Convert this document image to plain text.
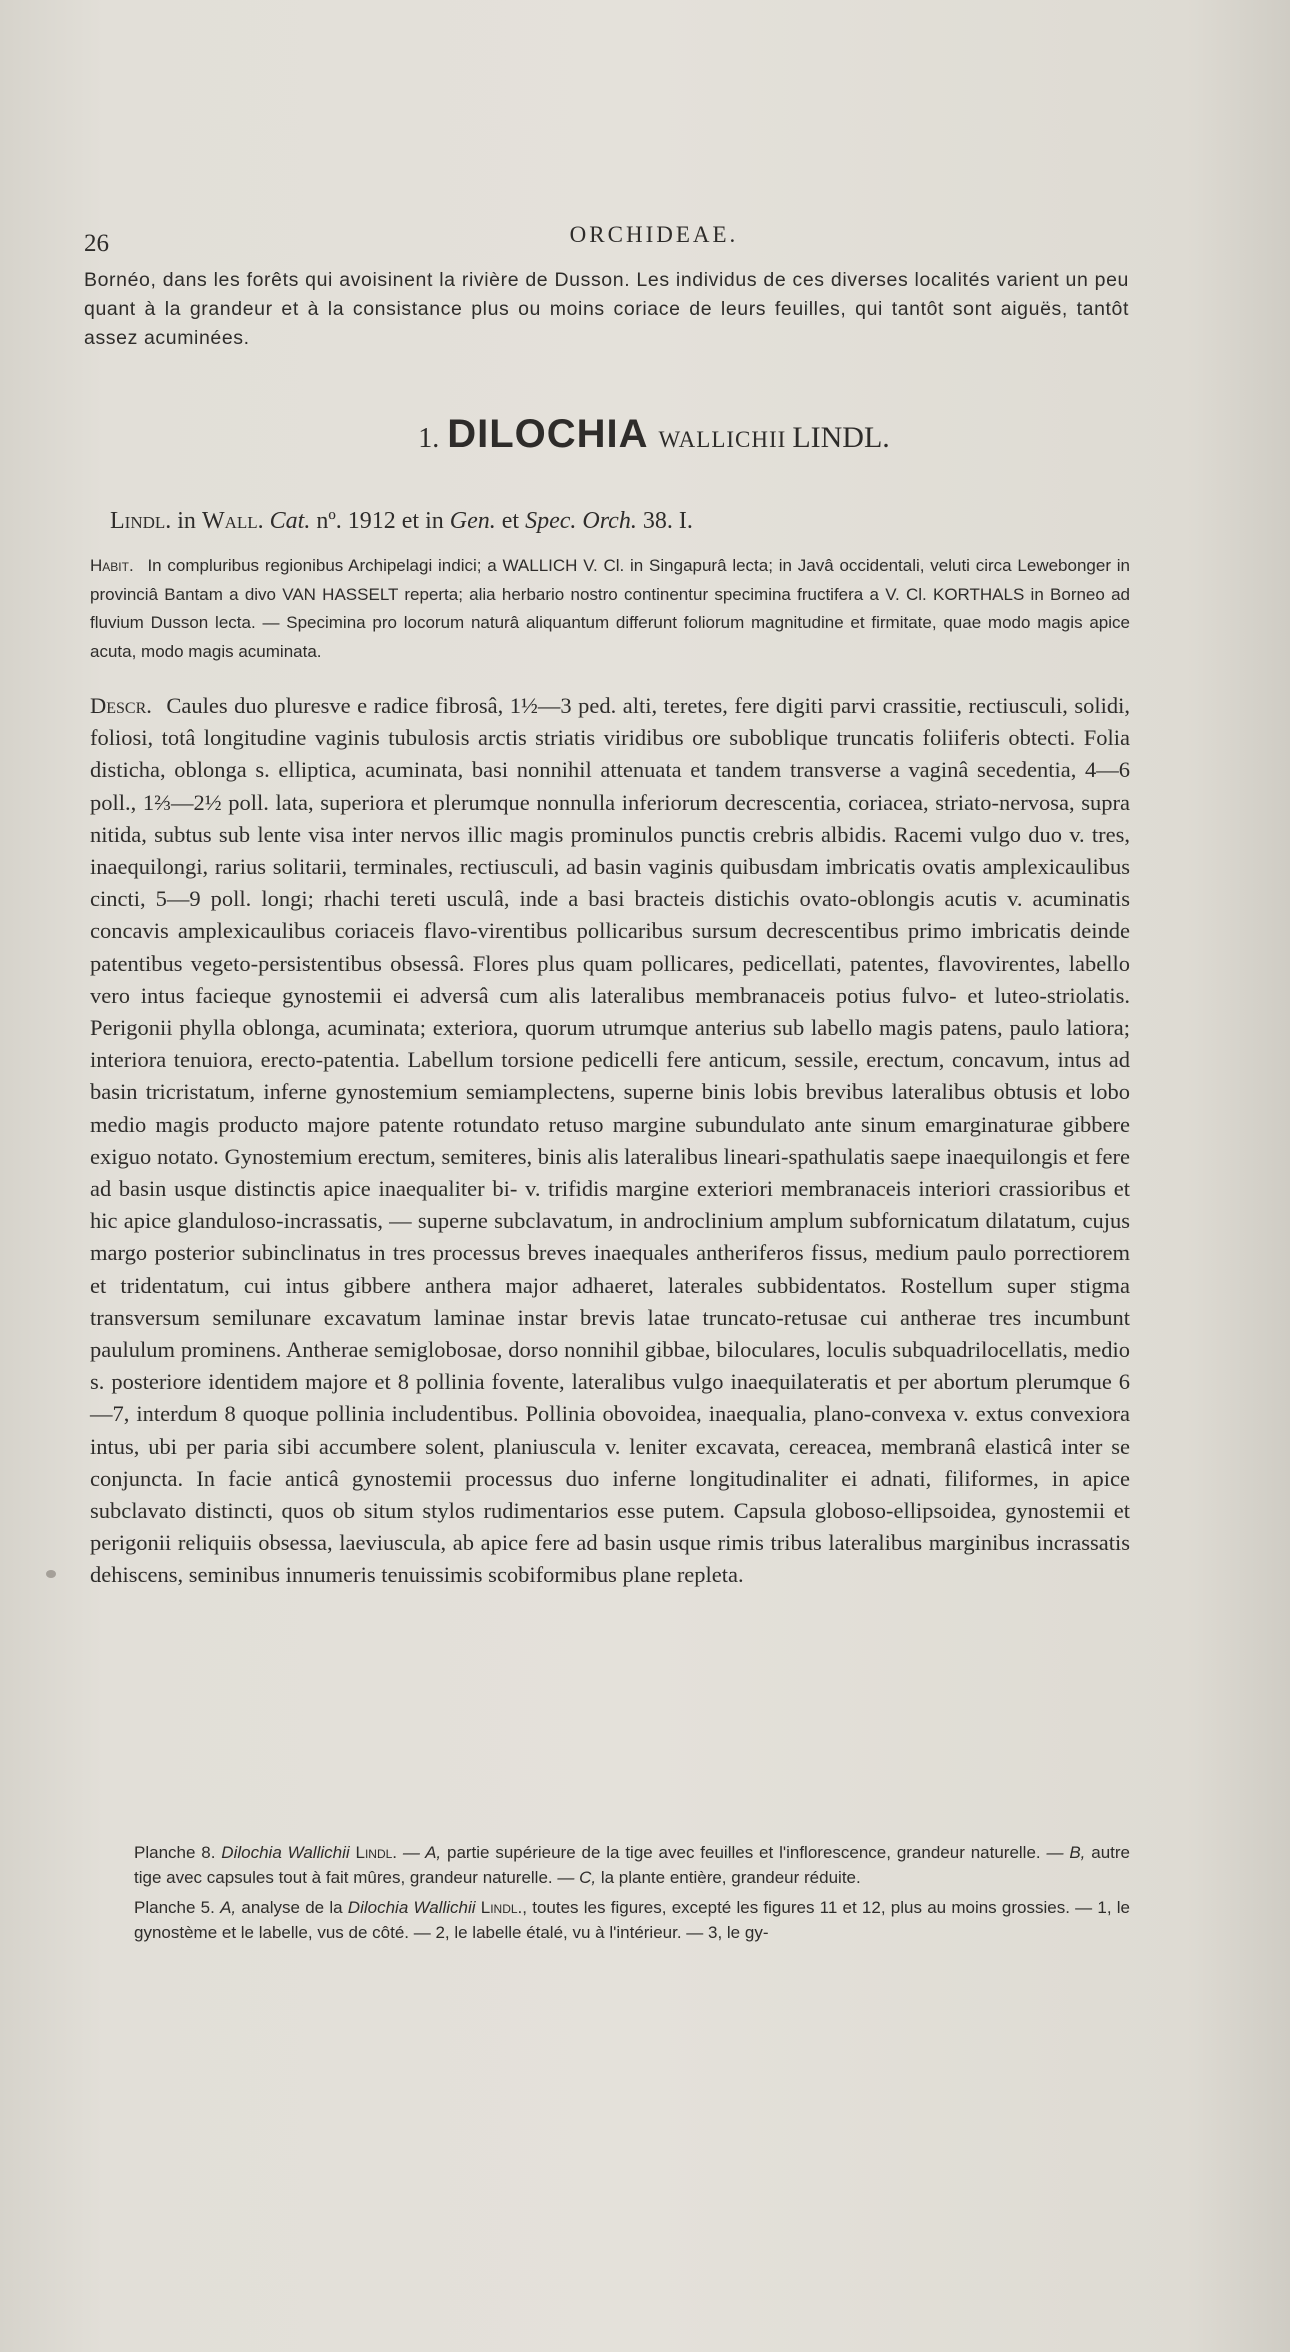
26	ORCHIDEAE.
Bornéo, dans les forêts qui avoisinent la rivière de Dusson. Les individus de ces diverses localités varient un peu quant à la grandeur et à la consistance plus ou moins coriace de leurs feuilles, qui tantôt sont aiguës, tantôt assez acuminées.
1. DILOCHIA WALLICHII LINDL.
Lindl. in Wall. Cat. nº. 1912 et in Gen. et Spec. Orch. 38. I.
Habit. In compluribus regionibus Archipelagi indici; a WALLICH V. Cl. in Singapurâ lecta; in Javâ occidentali, veluti circa Lewebonger in provinciâ Bantam a divo VAN HASSELT reperta; alia herbario nostro continentur specimina fructifera a V. Cl. KORTHALS in Borneo ad fluvium Dusson lecta. — Specimina pro locorum naturâ aliquantum differunt foliorum magnitudine et firmitate, quae modo magis apice acuta, modo magis acuminata.
Descr. Caules duo pluresve e radice fibrosâ, 1½—3 ped. alti, teretes, fere digiti parvi crassitie, rectiusculi, solidi, foliosi, totâ longitudine vaginis tubulosis arctis striatis viridibus ore suboblique truncatis foliiferis obtecti. Folia disticha, oblonga s. elliptica, acuminata, basi nonnihil attenuata et tandem transverse a vaginâ secedentia, 4—6 poll., 1⅔—2½ poll. lata, superiora et plerumque nonnulla inferiorum decrescentia, coriacea, striato-nervosa, supra nitida, subtus sub lente visa inter nervos illic magis prominulos punctis crebris albidis. Racemi vulgo duo v. tres, inaequilongi, rarius solitarii, terminales, rectiusculi, ad basin vaginis quibusdam imbricatis ovatis amplexicaulibus cincti, 5—9 poll. longi; rhachi tereti usculâ, inde a basi bracteis distichis ovato-oblongis acutis v. acuminatis concavis amplexicaulibus coriaceis flavo-virentibus pollicaribus sursum decrescentibus primo imbricatis deinde patentibus vegeto-persistentibus obsessâ. Flores plus quam pollicares, pedicellati, patentes, flavovirentes, labello vero intus facieque gynostemii ei adversâ cum alis lateralibus membranaceis potius fulvo- et luteo-striolatis. Perigonii phylla oblonga, acuminata; exteriora, quorum utrumque anterius sub labello magis patens, paulo latiora; interiora tenuiora, erecto-patentia. Labellum torsione pedicelli fere anticum, sessile, erectum, concavum, intus ad basin tricristatum, inferne gynostemium semiamplectens, superne binis lobis brevibus lateralibus obtusis et lobo medio magis producto majore patente rotundato retuso margine subundulato ante sinum emarginaturae gibbere exiguo notato. Gynostemium erectum, semiteres, binis alis lateralibus lineari-spathulatis saepe inaequilongis et fere ad basin usque distinctis apice inaequaliter bi- v. trifidis margine exteriori membranaceis interiori crassioribus et hic apice glanduloso-incrassatis, — superne subclavatum, in androclinium amplum subfornicatum dilatatum, cujus margo posterior subinclinatus in tres processus breves inaequales antheriferos fissus, medium paulo porrectiorem et tridentatum, cui intus gibbere anthera major adhaeret, laterales subbidentatos. Rostellum super stigma transversum semilunare excavatum laminae instar brevis latae truncato-retusae cui antherae tres incumbunt paululum prominens. Antherae semiglobosae, dorso nonnihil gibbae, biloculares, loculis subquadrilocellatis, medio s. posteriore identidem majore et 8 pollinia fovente, lateralibus vulgo inaequilateratis et per abortum plerumque 6—7, interdum 8 quoque pollinia includentibus. Pollinia obovoidea, inaequalia, plano-convexa v. extus convexiora intus, ubi per paria sibi accumbere solent, planiuscula v. leniter excavata, cereacea, membranâ elasticâ inter se conjuncta. In facie anticâ gynostemii processus duo inferne longitudinaliter ei adnati, filiformes, in apice subclavato distincti, quos ob situm stylos rudimentarios esse putem. Capsula globoso-ellipsoidea, gynostemii et perigonii reliquiis obsessa, laeviuscula, ab apice fere ad basin usque rimis tribus lateralibus marginibus incrassatis dehiscens, seminibus innumeris tenuissimis scobiformibus plane repleta.

Planche 8. Dilochia Wallichii Lindl. — A, partie supérieure de la tige avec feuilles et l'inflorescence, grandeur naturelle. — B, autre tige avec capsules tout à fait mûres, grandeur naturelle. — C, la plante entière, grandeur réduite.

Planche 5. A, analyse de la Dilochia Wallichii Lindl., toutes les figures, excepté les figures 11 et 12, plus au moins grossies. — 1, le gynostème et le labelle, vus de côté. — 2, le labelle étalé, vu à l'intérieur. — 3, le gy-
